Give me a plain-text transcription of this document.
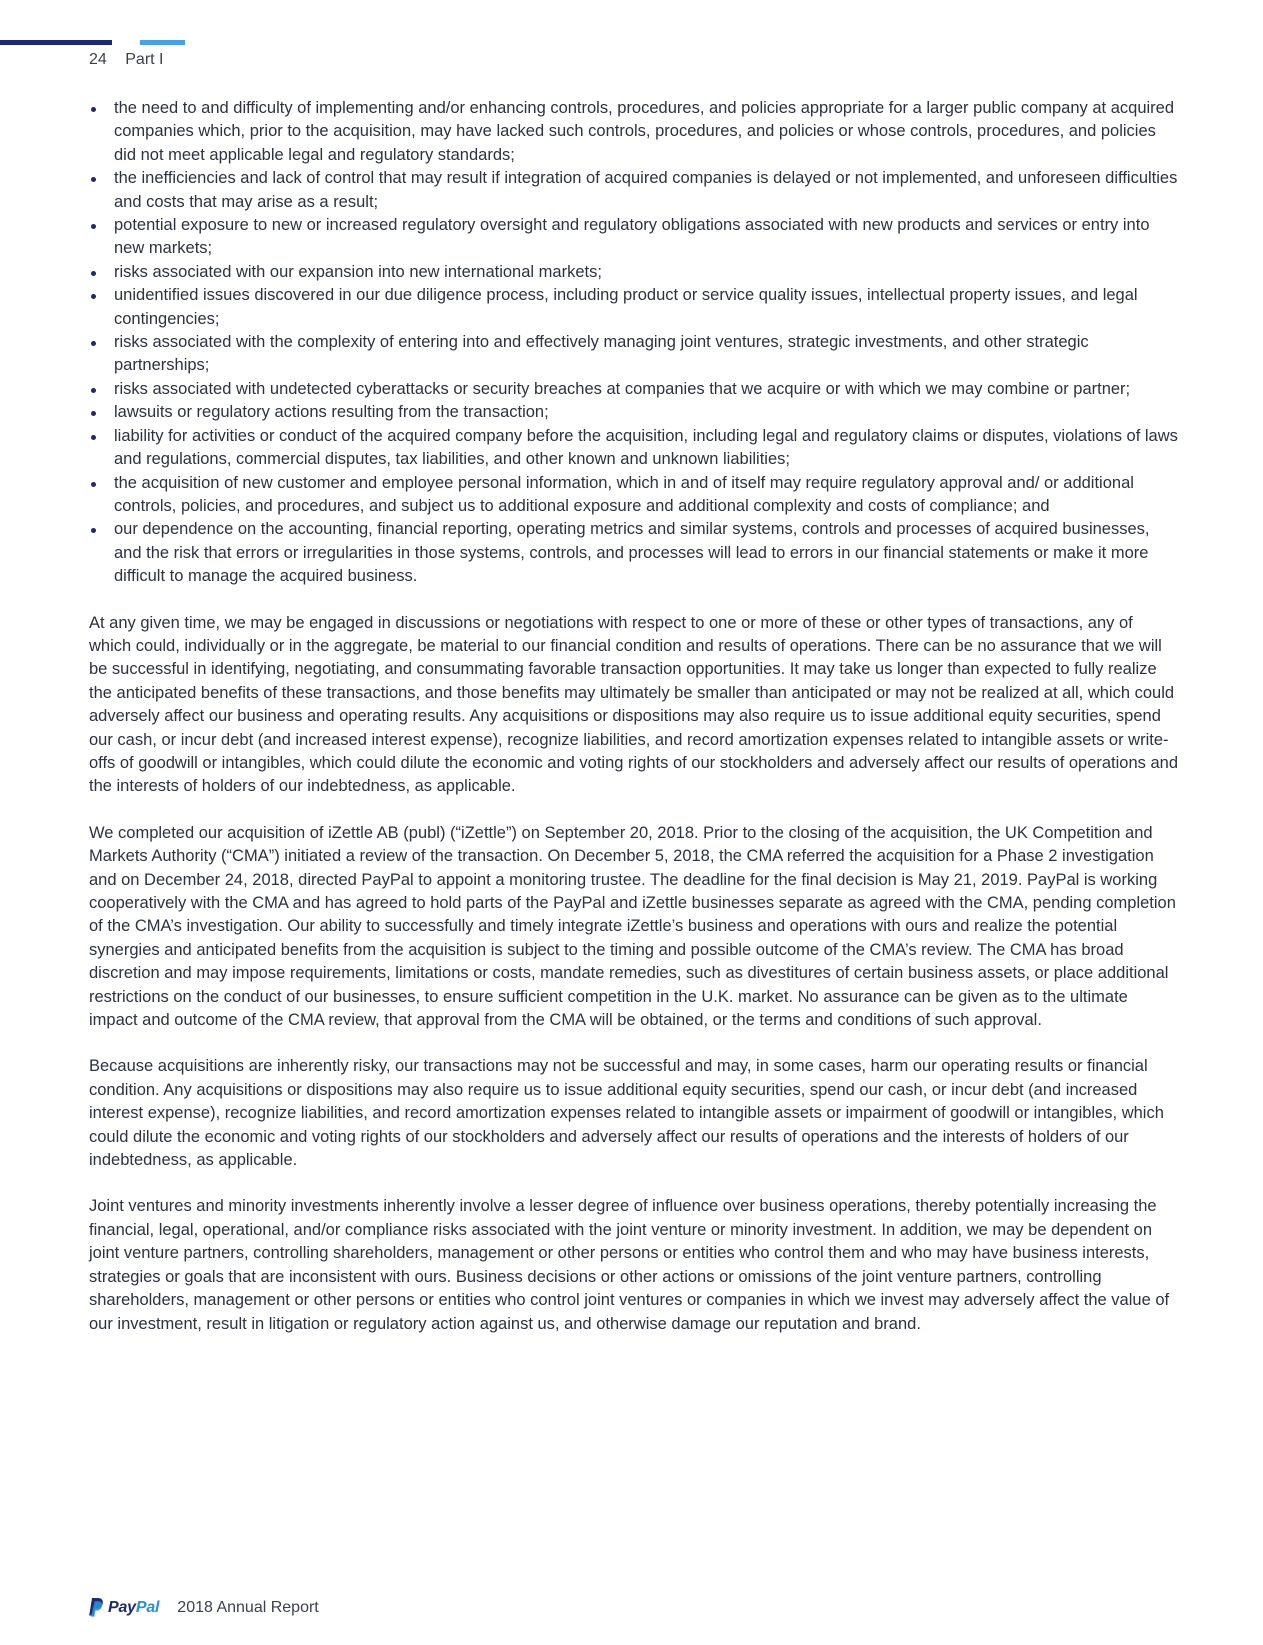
24 Part I
the need to and difficulty of implementing and/or enhancing controls, procedures, and policies appropriate for a larger public company at acquired companies which, prior to the acquisition, may have lacked such controls, procedures, and policies or whose controls, procedures, and policies did not meet applicable legal and regulatory standards;
the inefficiencies and lack of control that may result if integration of acquired companies is delayed or not implemented, and unforeseen difficulties and costs that may arise as a result;
potential exposure to new or increased regulatory oversight and regulatory obligations associated with new products and services or entry into new markets;
risks associated with our expansion into new international markets;
unidentified issues discovered in our due diligence process, including product or service quality issues, intellectual property issues, and legal contingencies;
risks associated with the complexity of entering into and effectively managing joint ventures, strategic investments, and other strategic partnerships;
risks associated with undetected cyberattacks or security breaches at companies that we acquire or with which we may combine or partner;
lawsuits or regulatory actions resulting from the transaction;
liability for activities or conduct of the acquired company before the acquisition, including legal and regulatory claims or disputes, violations of laws and regulations, commercial disputes, tax liabilities, and other known and unknown liabilities;
the acquisition of new customer and employee personal information, which in and of itself may require regulatory approval and/ or additional controls, policies, and procedures, and subject us to additional exposure and additional complexity and costs of compliance; and
our dependence on the accounting, financial reporting, operating metrics and similar systems, controls and processes of acquired businesses, and the risk that errors or irregularities in those systems, controls, and processes will lead to errors in our financial statements or make it more difficult to manage the acquired business.

At any given time, we may be engaged in discussions or negotiations with respect to one or more of these or other types of transactions, any of which could, individually or in the aggregate, be material to our financial condition and results of operations. There can be no assurance that we will be successful in identifying, negotiating, and consummating favorable transaction opportunities. It may take us longer than expected to fully realize the anticipated benefits of these transactions, and those benefits may ultimately be smaller than anticipated or may not be realized at all, which could adversely affect our business and operating results. Any acquisitions or dispositions may also require us to issue additional equity securities, spend our cash, or incur debt (and increased interest expense), recognize liabilities, and record amortization expenses related to intangible assets or write-offs of goodwill or intangibles, which could dilute the economic and voting rights of our stockholders and adversely affect our results of operations and the interests of holders of our indebtedness, as applicable.

We completed our acquisition of iZettle AB (publ) (“iZettle”) on September 20, 2018. Prior to the closing of the acquisition, the UK Competition and Markets Authority (“CMA”) initiated a review of the transaction. On December 5, 2018, the CMA referred the acquisition for a Phase 2 investigation and on December 24, 2018, directed PayPal to appoint a monitoring trustee. The deadline for the final decision is May 21, 2019. PayPal is working cooperatively with the CMA and has agreed to hold parts of the PayPal and iZettle businesses separate as agreed with the CMA, pending completion of the CMA’s investigation. Our ability to successfully and timely integrate iZettle’s business and operations with ours and realize the potential synergies and anticipated benefits from the acquisition is subject to the timing and possible outcome of the CMA’s review. The CMA has broad discretion and may impose requirements, limitations or costs, mandate remedies, such as divestitures of certain business assets, or place additional restrictions on the conduct of our businesses, to ensure sufficient competition in the U.K. market. No assurance can be given as to the ultimate impact and outcome of the CMA review, that approval from the CMA will be obtained, or the terms and conditions of such approval.

Because acquisitions are inherently risky, our transactions may not be successful and may, in some cases, harm our operating results or financial condition. Any acquisitions or dispositions may also require us to issue additional equity securities, spend our cash, or incur debt (and increased interest expense), recognize liabilities, and record amortization expenses related to intangible assets or impairment of goodwill or intangibles, which could dilute the economic and voting rights of our stockholders and adversely affect our results of operations and the interests of holders of our indebtedness, as applicable.

Joint ventures and minority investments inherently involve a lesser degree of influence over business operations, thereby potentially increasing the financial, legal, operational, and/or compliance risks associated with the joint venture or minority investment. In addition, we may be dependent on joint venture partners, controlling shareholders, management or other persons or entities who control them and who may have business interests, strategies or goals that are inconsistent with ours. Business decisions or other actions or omissions of the joint venture partners, controlling shareholders, management or other persons or entities who control joint ventures or companies in which we invest may adversely affect the value of our investment, result in litigation or regulatory action against us, and otherwise damage our reputation and brand.

PayPal 2018 Annual Report
